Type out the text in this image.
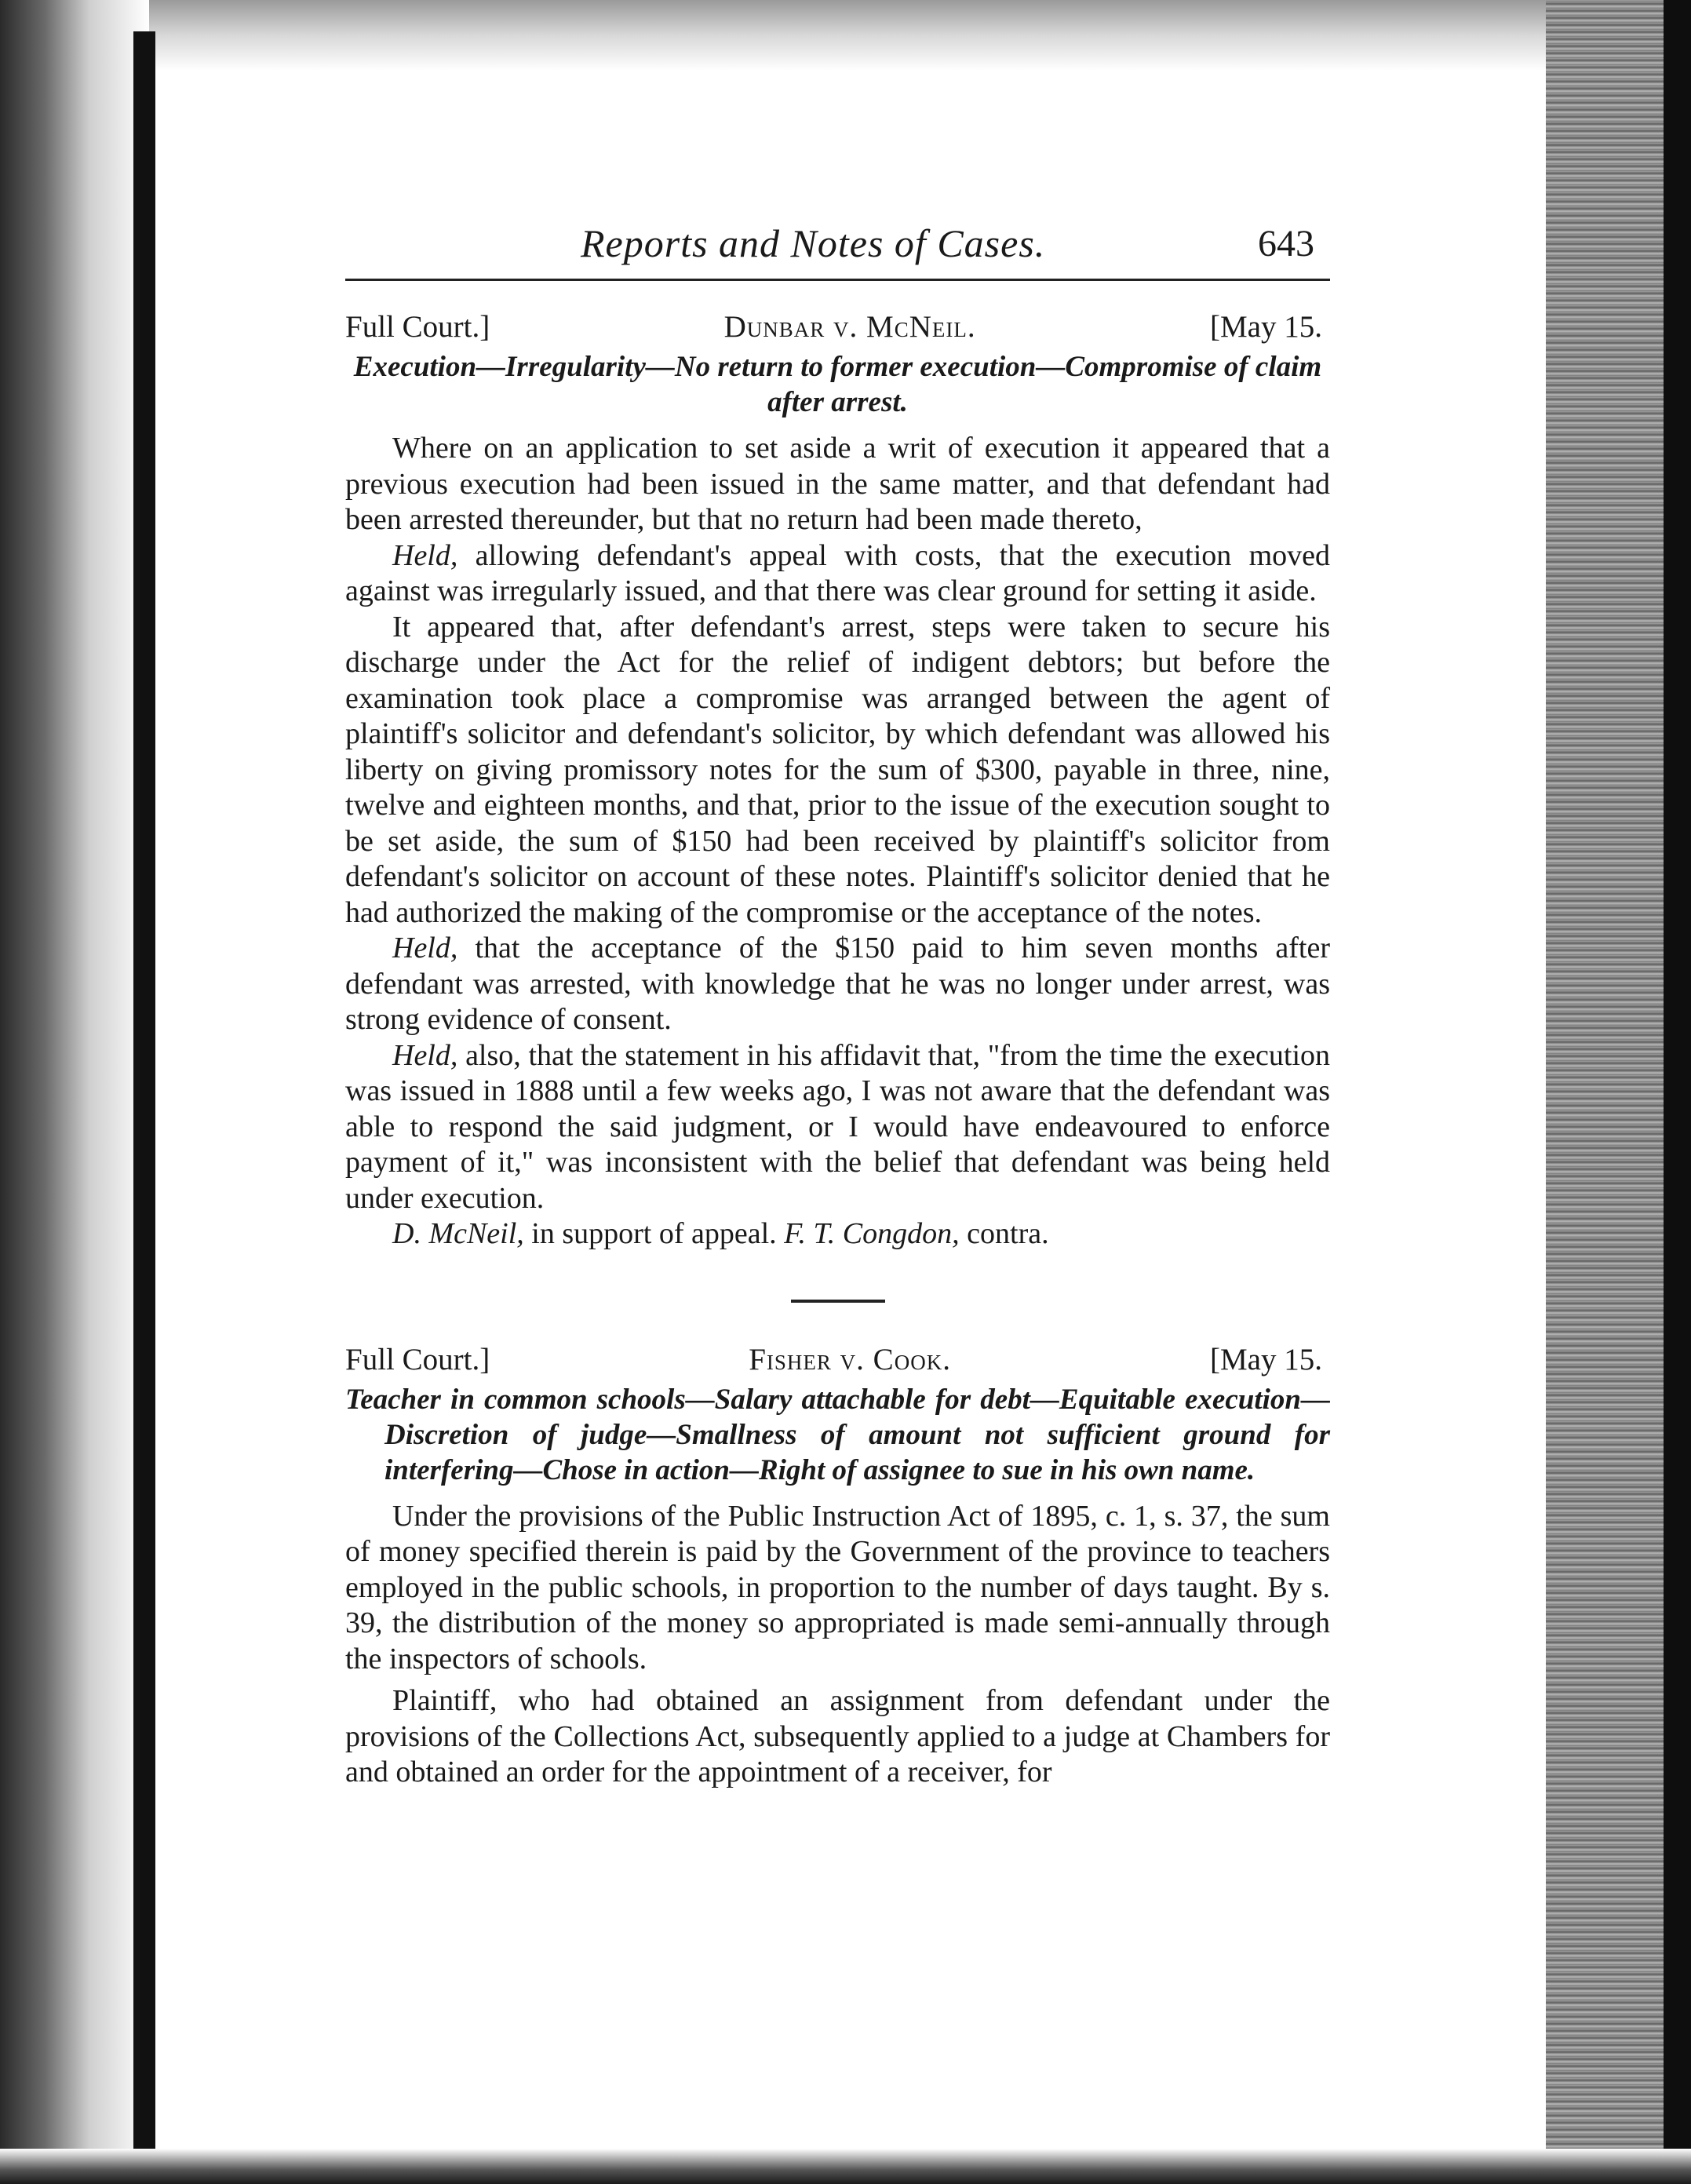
Reports and Notes of Cases.	643
Full Court.]	Dunbar v. McNeil.	[May 15.
Execution—Irregularity—No return to former execution—Compromise of claim after arrest.

Where on an application to set aside a writ of execution it appeared that a previous execution had been issued in the same matter, and that defendant had been arrested thereunder, but that no return had been made thereto,

Held, allowing defendant's appeal with costs, that the execution moved against was irregularly issued, and that there was clear ground for setting it aside.

It appeared that, after defendant's arrest, steps were taken to secure his discharge under the Act for the relief of indigent debtors; but before the examination took place a compromise was arranged between the agent of plaintiff's solicitor and defendant's solicitor, by which defendant was allowed his liberty on giving promissory notes for the sum of $300, payable in three, nine, twelve and eighteen months, and that, prior to the issue of the execution sought to be set aside, the sum of $150 had been received by plaintiff's solicitor from defendant's solicitor on account of these notes. Plaintiff's solicitor denied that he had authorized the making of the compromise or the acceptance of the notes.

Held, that the acceptance of the $150 paid to him seven months after defendant was arrested, with knowledge that he was no longer under arrest, was strong evidence of consent.

Held, also, that the statement in his affidavit that, "from the time the execution was issued in 1888 until a few weeks ago, I was not aware that the defendant was able to respond the said judgment, or I would have endeavoured to enforce payment of it," was inconsistent with the belief that defendant was being held under execution.

D. McNeil, in support of appeal. F. T. Congdon, contra.

Full Court.]	Fisher v. Cook.	[May 15.
Teacher in common schools—Salary attachable for debt—Equitable execution—Discretion of judge—Smallness of amount not sufficient ground for interfering—Chose in action—Right of assignee to sue in his own name.

Under the provisions of the Public Instruction Act of 1895, c. 1, s. 37, the sum of money specified therein is paid by the Government of the province to teachers employed in the public schools, in proportion to the number of days taught. By s. 39, the distribution of the money so appropriated is made semi-annually through the inspectors of schools.

Plaintiff, who had obtained an assignment from defendant under the provisions of the Collections Act, subsequently applied to a judge at Chambers for and obtained an order for the appointment of a receiver, for
